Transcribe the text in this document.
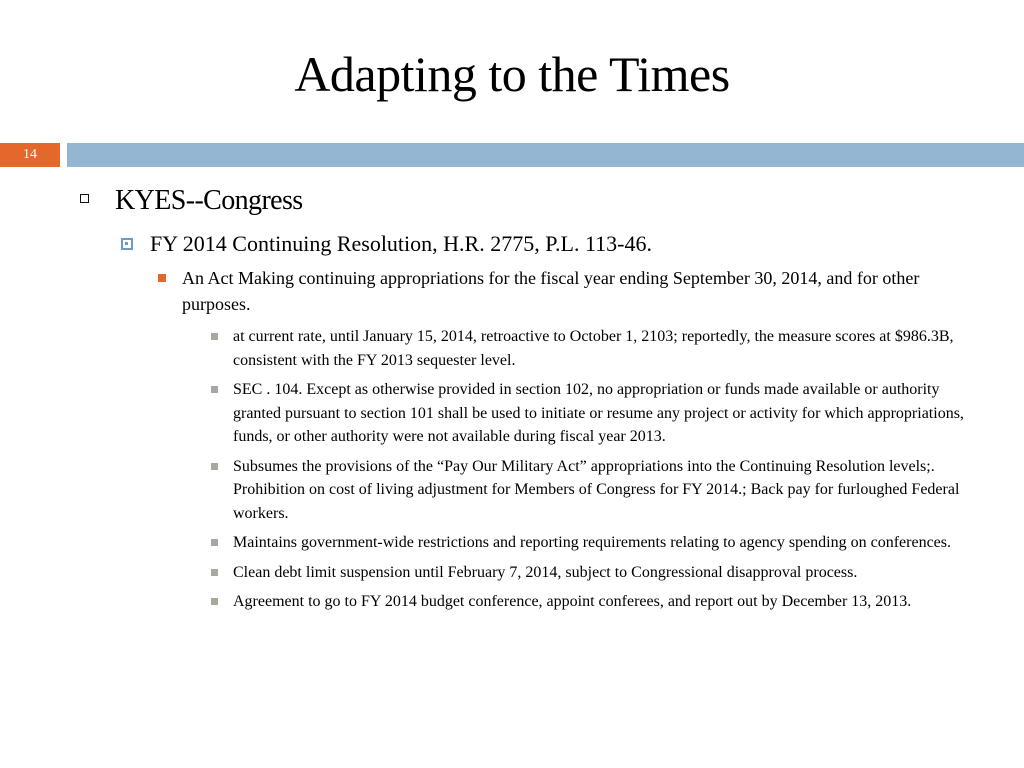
Adapting to the Times
14
KYES--Congress
FY 2014 Continuing Resolution, H.R. 2775, P.L. 113-46.
An Act Making continuing appropriations for the fiscal year ending September 30, 2014, and for other purposes.
at current rate, until January 15, 2014, retroactive to October 1, 2103; reportedly, the measure scores at $986.3B, consistent with the FY 2013 sequester level.
SEC . 104. Except as otherwise provided in section 102, no appropriation or funds made available or authority granted pursuant to section 101 shall be used to initiate or resume any project or activity for which appropriations, funds, or other authority were not available during fiscal year 2013.
Subsumes the provisions of the “Pay Our Military Act” appropriations into the Continuing Resolution levels;. Prohibition on cost of living adjustment for Members of Congress for FY 2014.; Back pay for furloughed Federal workers.
Maintains government-wide restrictions and reporting requirements relating to agency spending on conferences.
Clean debt limit suspension until February 7, 2014, subject to Congressional disapproval process.
Agreement to go to FY 2014 budget conference, appoint conferees, and report out by December 13, 2013.
